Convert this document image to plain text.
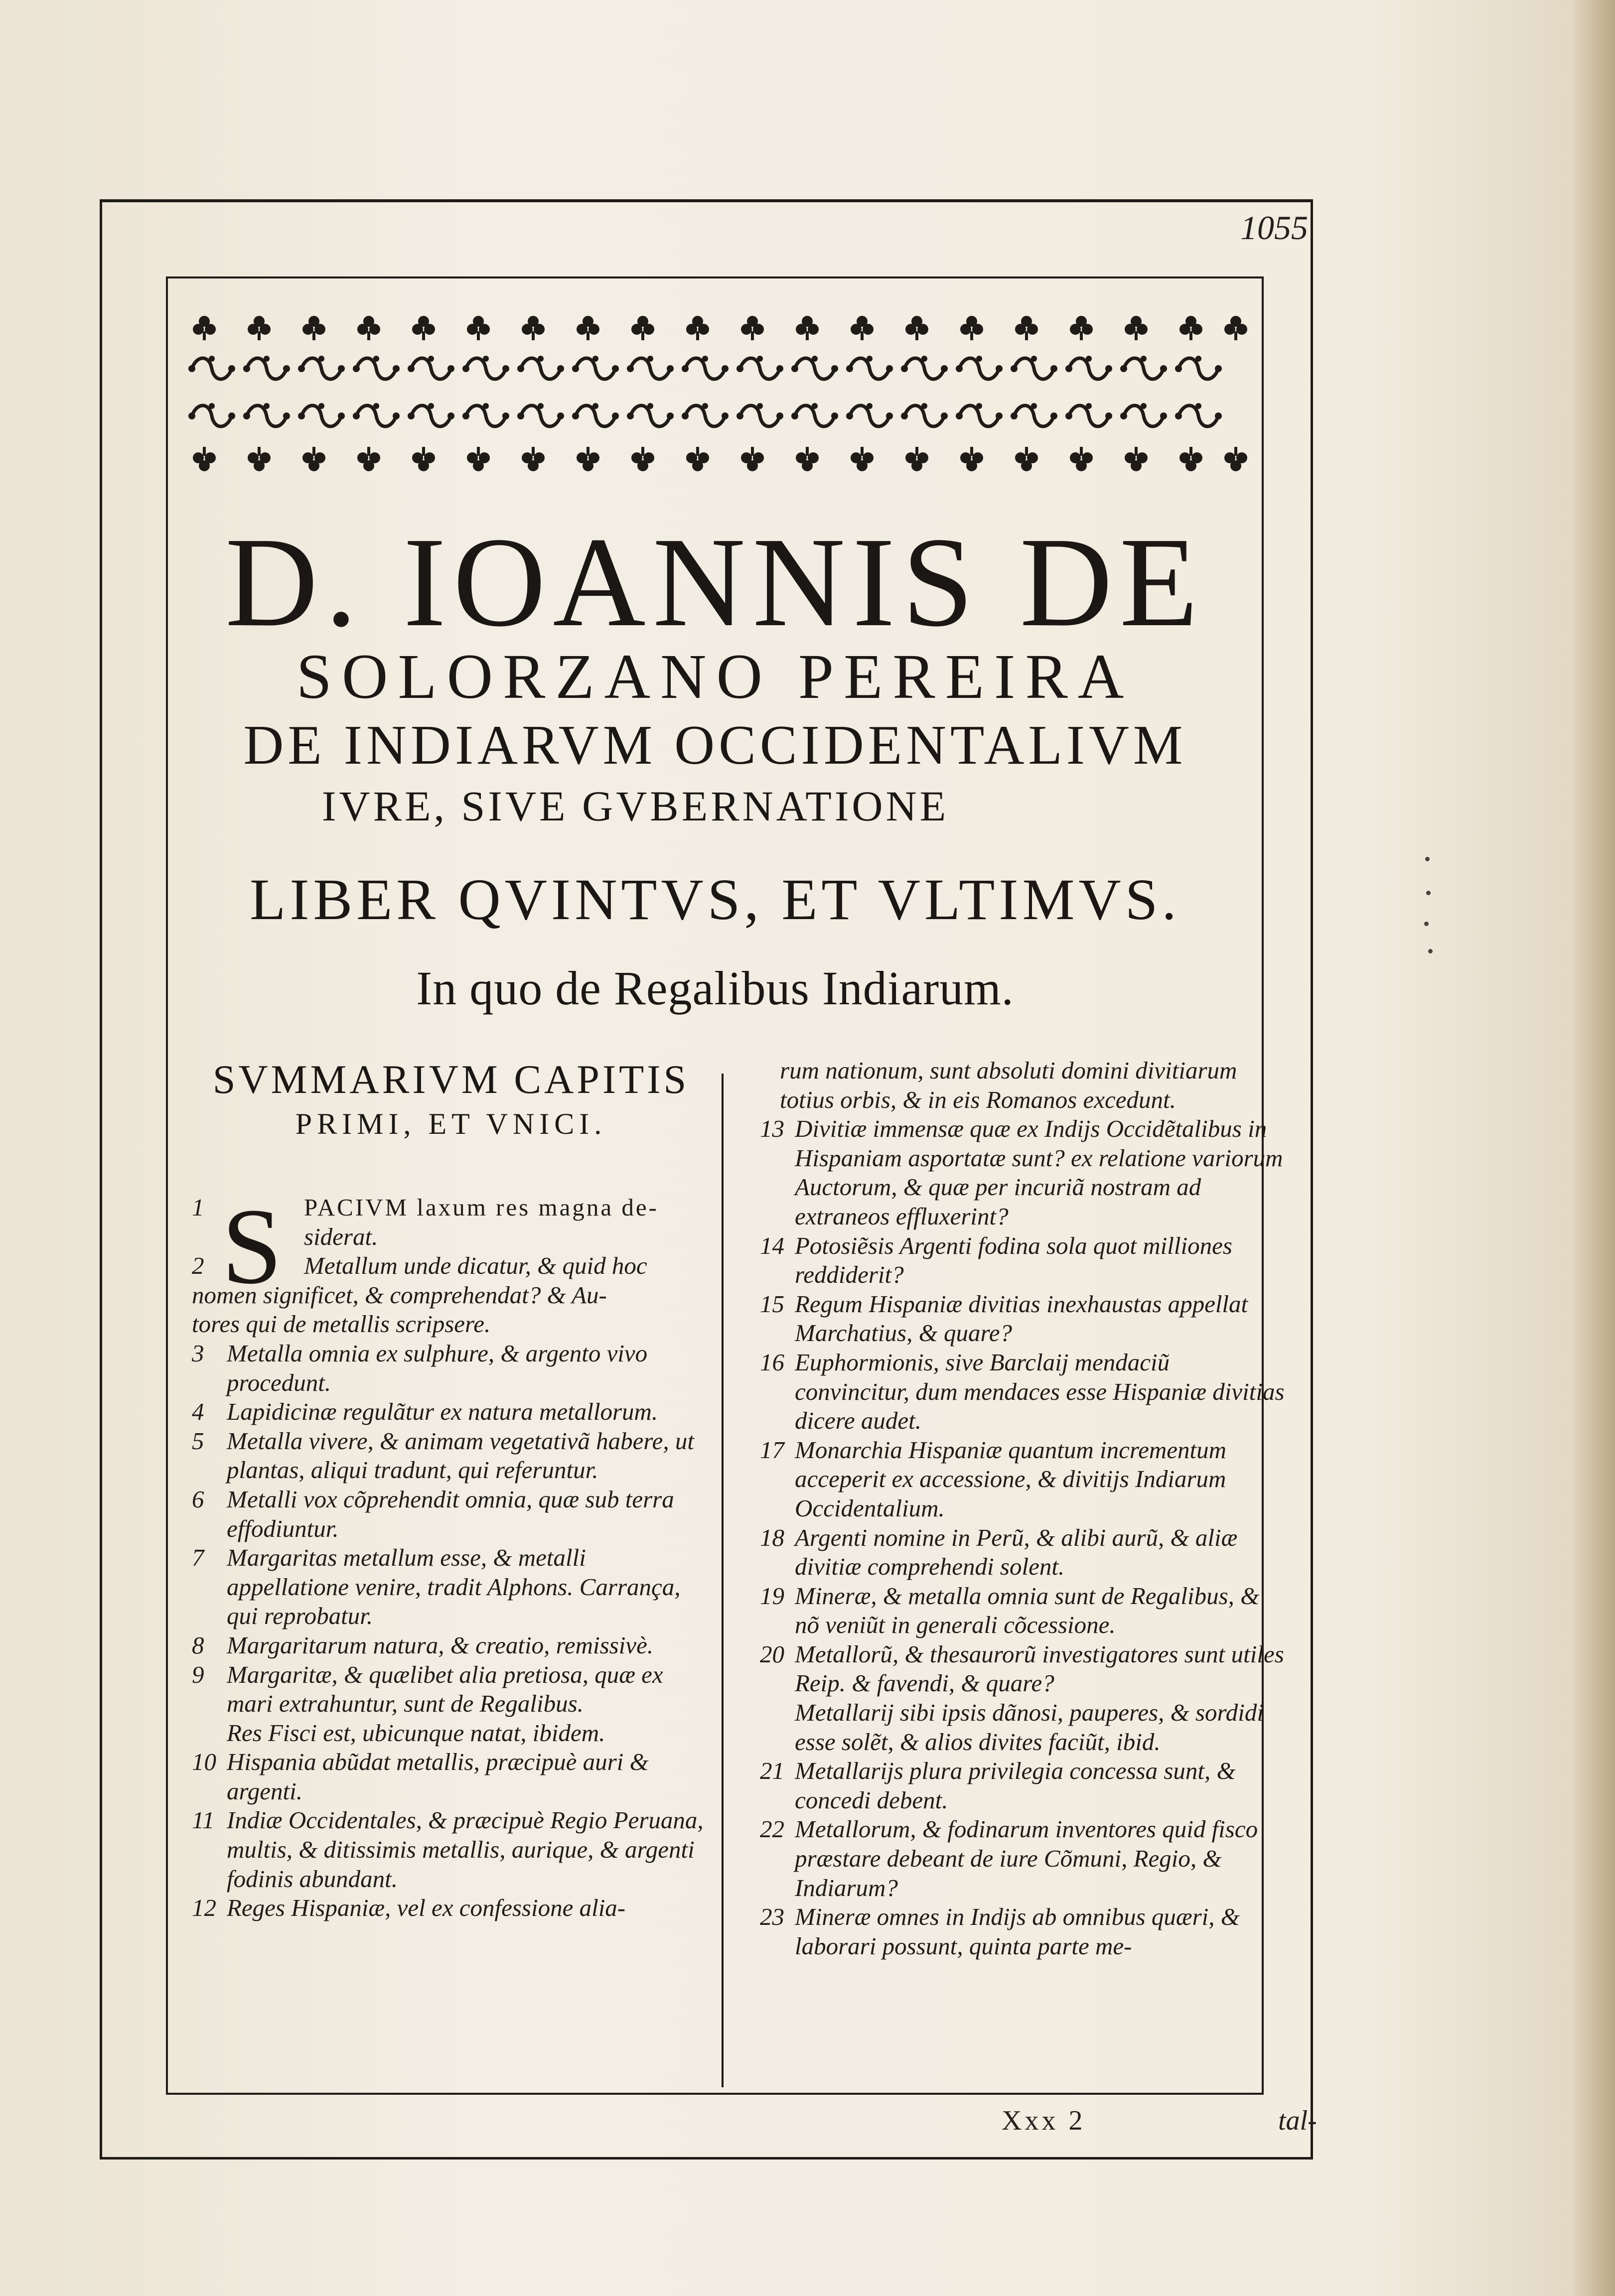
1055
D. IOANNIS DE
SOLORZANO PEREIRA
DE INDIARVM OCCIDENTALIVM
IVRE, SIVE GVBERNATIONE
LIBER QVINTVS, ET VLTIMVS.
In quo de Regalibus Indiarum.
SVMMARIVM CAPITIS
PRIMI, ET VNICI.
1 S PACIVM laxum res magna de-
siderat.
2	Metallum unde dicatur, & quid hoc
nomen significet, & comprehendat? & Au-
tores qui de metallis scripsere.
3 Metalla omnia ex sulphure, & argento vivo procedunt.
4 Lapidicinæ regulãtur ex natura metallorum.
5 Metalla vivere, & animam vegetativã habere, ut plantas, aliqui tradunt, qui referuntur.
6 Metalli vox cõprehendit omnia, quæ sub terra effodiuntur.
7 Margaritas metallum esse, & metalli appellatione venire, tradit Alphons. Carrança, qui reprobatur.
8 Margaritarum natura, & creatio, remissivè.
9 Margaritæ, & quælibet alia pretiosa, quæ ex mari extrahuntur, sunt de Regalibus.
Res Fisci est, ubicunque natat, ibidem.
10 Hispania abũdat metallis, præcipuè auri & argenti.
11 Indiæ Occidentales, & præcipuè Regio Peruana, multis, & ditissimis metallis, aurique, & argenti fodinis abundant.
12 Reges Hispaniæ, vel ex confessione alia-
rum nationum, sunt absoluti domini divitiarum totius orbis, & in eis Romanos excedunt.
13 Divitiæ immensæ quæ ex Indijs Occidẽtalibus in Hispaniam asportatæ sunt? ex relatione variorum Auctorum, & quæ per incuriã nostram ad extraneos effluxerint?
14 Potosiẽsis Argenti fodina sola quot milliones reddiderit?
15 Regum Hispaniæ divitias inexhaustas appellat Marchatius, & quare?
16 Euphormionis, sive Barclaij mendaciũ convincitur, dum mendaces esse Hispaniæ divitias dicere audet.
17 Monarchia Hispaniæ quantum incrementum acceperit ex accessione, & divitijs Indiarum Occidentalium.
18 Argenti nomine in Perũ, & alibi aurũ, & aliæ divitiæ comprehendi solent.
19 Mineræ, & metalla omnia sunt de Regalibus, & nõ veniũt in generali cõcessione.
20 Metallorũ, & thesaurorũ investigatores sunt utiles Reip. & favendi, & quare?
Metallarij sibi ipsis dãnosi, pauperes, & sordidi esse solẽt, & alios divites faciũt, ibid.
21 Metallarijs plura privilegia concessa sunt, & concedi debent.
22 Metallorum, & fodinarum inventores quid fisco præstare debeant de iure Cõmuni, Regio, & Indiarum?
23 Mineræ omnes in Indijs ab omnibus quæri, & laborari possunt, quinta parte me-
Xxx 2	tal-
